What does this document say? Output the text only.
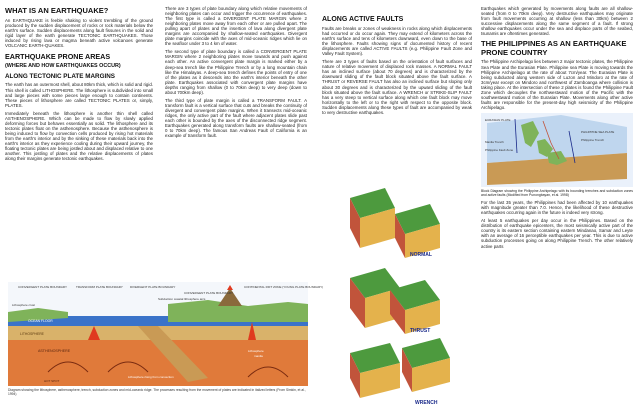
WHAT IS AN EARTHQUAKE?

An EARTHQUAKE is feeble shaking to violent trembling of the ground produced by the sudden displacement of rocks or rock materials below the earth's surface. Sudden displacements along fault fissures in the solid and rigid layer of the earth generate TECTONIC EARTHQUAKES. Those induced by rising lava or magma beneath active volcanoes generate VOLCANIC EARTH-QUAKES.

EARTHQUAKE PRONE AREAS
(WHERE AND HOW EARTHQUAKES OCCUR)
ALONG TECTONIC PLATE MARGINS

The earth has an outermost shell, about 80km thick, which is solid and rigid. This shell is called LITHOSPHERE. The lithosphere is subdivided into small and large pieces with some pieces large enough to contain continents. These pieces of lithosphere are called TECTONIC PLATES or, simply, PLATES.

Immediately beneath the lithosphere is another thin shell called ASTHENOSPHERE. Which can be made to flow by slowly applied deforming forces but behaves essentially as solid. The lithosphere and its tectonic plates float on the asthenosphere. Because the asthenosphere is being induced to flow by convection cells produced by rising hot materials from the earth's interior and by the sinking of these materials back into the earth's interior as they experience cooling during their upward journey, the floating tectonic plates are being jostled about and displaced relative to one another. This jostling of plates and the relative displacements of plates along their margins generate tectonic earthquakes.

There are 3 types of plate boundary along which relative movements of neighboring plates can occur and trigger the occurrence of earthquakes. The first type is called a DIVERGENT PLATE MARGIN where 2 neighboring plates move away from each other or are pulled apart. The pulling apart of plates and the insertion of lava along divergent plate margins are accompanied by shallow-seated earthquakes. Divergent plate margins coincide with the axes of mid-oceanic ridges which lie on the seafloor under 3 to 4 km of water.

The second type of plate boundary is called a CONVERGENT PLATE MARGIN where 2 neighboring plates move towards and push against each other. An active convergent plate margin is marked either by a deep-sea trench like the Philippine Trench or by a long mountain chain like the Himalayas. A deep-sea trench defines the points of entry of one of the plates as it descends into the earth's interior beneath the other plate. Earthquakes associated with convergent plate margins have depths ranging from shallow (0 to 70km deep) to very deep (down to about 700km deep).

The third type of plate margin is called a TRANSFORM FAULT. A transform fault is a vertical surface that cuts and breaks the continuity of divergent and convergent plate margins. When it transects mid-oceanic ridges, the only active part of the fault where adjacent plates slide past each other is bounded by the axes of the disconnected ridge segment. Earthquakes generated along transform faults are shallow-seated (from 0 to 70km deep). The famous San Andreas Fault of California is an example of transform fault.

CONVERGENT PLATE BOUNDARY	TRANSFORM PLATE BOUNDARY DIVERGENT PLATE BOUNDARY
CONVERGENT PLATE BOUNDARY
CONTINENTAL RIFT ZONE (YOUNG PLATE BOUNDARY)
Subduction coastal lithosphere arcs
Lithosphere crust
OCEAN FLOOR
LITHOSPHERE
ASTHENOSPHERE
HOT SPOT
Lithosphere rising from convection
Lithosphere
mantle
Diagram showing the lithosphere, asthenosphere, trench, subduction zones and mid-oceanic ridge. The processes resulting from the movement of plates are indicated in italized letters (From Simkin, et al., 1994)
ALONG ACTIVE FAULTS

Faults are breaks or zones of weakness in rocks along which displacements had occurred or do occur again. They may extend of kilometers across the earth's surface and tens of kilometers downward, even down to the base of the lithosphere. Faults showing signs of documented history of recent displacements are called ACTIVE FAULTS (e.g. Philippine Fault Zone and Valley Fault System).

There are 3 types of faults based on the orientation of fault surfaces and nature of relative movement of displaced rock masses. A NORMAL FAULT has an inclined surface (about 70 degrees) and is characterized by the downward sliding of the fault block situated above the fault surface. A THRUST or REVERSE FAULT has also an inclined surface but sloping only about 30 degrees and is characterized by the upward sliding of the fault block situated above the fault surface. A WRENCH or STRIKE-SLIP FAULT has a very steep to vertical surface along which one fault block may move horizontally to the left or to the right with respect to the opposite block. Sudden displacements along these types of fault are accompanied by weak to very destructive earthquakes.

NORMAL
THRUST
WRENCH

Earthquakes which generated by movements along faults are all shallow-seated (from 0 to 70km deep). Very destructive earthquakes may originate from fault movements occurring at shallow (less than 30km) between 2 successive displacements along the same segment of a fault. If strong shallow earthquakes occur under the sea and displace parts of the seabed, tsunamis are oftentimes generated.

THE PHILIPPINES AS AN EARTHQUAKE PRONE COUNTRY

The Philippine Archipelago lies between 2 major tectonic plates, the Philippine Sea Plate and the Eurasian Plate. Philippine sea Plate is moving towards the Philippine Archipelago at the rate of about 7cm/year. The Eurasian Plate is being subducted along western side of Luzon and Mindoro at the rate of 3cm/year except on Mindoro and northwest of Zamboanga where collision is taking place. At the intersection of these 2 plates is found the Philippine Fault Zone which decouples the northwestward motion of the Pacific with the southwestward motion of the Eurasian Plate. Movements along other active faults are responsible for the present-day high seismicity of the Philippine Archipelago.

EURASIAN PLATE
PHILIPPINE SEA PLATE
Philippine Trench
Manila Trench
Philippine Fault Zone

Block Diagram showing the Philippine Archipelago with its bounding trenches and subduction zones and active faults (Modified from Punongbayan, et al. 1998)

For the last 35 years, the Philippines had been affected by 10 earthquakes with magnitude greater than 7.0. Hence, the likelihood of these destructive earthquakes occurring again in the future is indeed very strong.

At least 5 earthquakes per day occur in the Philippines. Based on the distribution of earthquake epicenters, the most seismically active part of the country is its eastern section containing eastern Mindanao, Samar and Leyte with an average of 16 perceptible earthquakes per year. This is due to active subduction processes going on along Philippine Trench. The other relatively active parts
